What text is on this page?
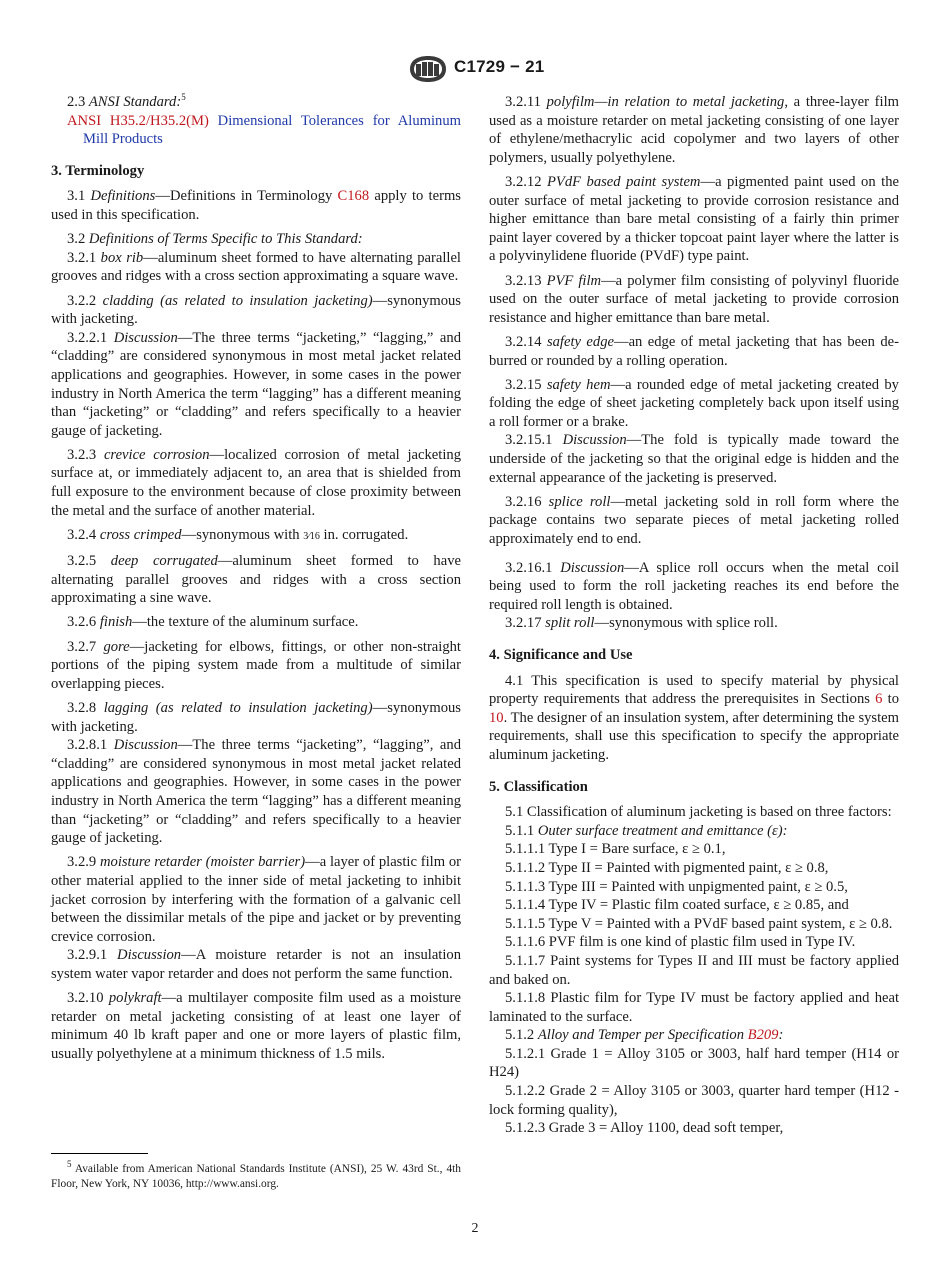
C1729 − 21

2.3 ANSI Standard:$^5$

ANSI H35.2/H35.2(M) Dimensional Tolerances for Aluminum Mill Products

3. Terminology

3.1 Definitions—Definitions in Terminology C168 apply to terms used in this specification.

3.2 Definitions of Terms Specific to This Standard:

3.2.1 box rib—aluminum sheet formed to have alternating parallel grooves and ridges with a cross section approximating a square wave.

3.2.2 cladding (as related to insulation jacketing)—synonymous with jacketing.

3.2.2.1 Discussion—The three terms “jacketing,” “lagging,” and “cladding” are considered synonymous in most metal jacket related applications and geographies. However, in some cases in the power industry in North America the term “lagging” has a different meaning than “jacketing” or “cladding” and refers specifically to a heavier gauge of jacketing.

3.2.3 crevice corrosion—localized corrosion of metal jacketing surface at, or immediately adjacent to, an area that is shielded from full exposure to the environment because of close proximity between the metal and the surface of another material.

3.2.4 cross crimped—synonymous with 3⁄16 in. corrugated.

3.2.5 deep corrugated—aluminum sheet formed to have alternating parallel grooves and ridges with a cross section approximating a sine wave.

3.2.6 finish—the texture of the aluminum surface.

3.2.7 gore—jacketing for elbows, fittings, or other non-straight portions of the piping system made from a multitude of similar overlapping pieces.

3.2.8 lagging (as related to insulation jacketing)—synonymous with jacketing.

3.2.8.1 Discussion—The three terms “jacketing”, “lagging”, and “cladding” are considered synonymous in most metal jacket related applications and geographies. However, in some cases in the power industry in North America the term “lagging” has a different meaning than “jacketing” or “cladding” and refers specifically to a heavier gauge of jacketing.

3.2.9 moisture retarder (moister barrier)—a layer of plastic film or other material applied to the inner side of metal jacketing to inhibit jacket corrosion by interfering with the formation of a galvanic cell between the dissimilar metals of the pipe and jacket or by preventing crevice corrosion.

3.2.9.1 Discussion—A moisture retarder is not an insulation system water vapor retarder and does not perform the same function.

3.2.10 polykraft—a multilayer composite film used as a moisture retarder on metal jacketing consisting of at least one layer of minimum 40 lb kraft paper and one or more layers of plastic film, usually polyethylene at a minimum thickness of 1.5 mils.

$^5$ Available from American National Standards Institute (ANSI), 25 W. 43rd St., 4th Floor, New York, NY 10036, http://www.ansi.org.

3.2.11 polyfilm—in relation to metal jacketing, a three-layer film used as a moisture retarder on metal jacketing consisting of one layer of ethylene/methacrylic acid copolymer and two layers of other polymers, usually polyethylene.

3.2.12 PVdF based paint system—a pigmented paint used on the outer surface of metal jacketing to provide corrosion resistance and higher emittance than bare metal consisting of a fairly thin primer paint layer covered by a thicker topcoat paint layer where the latter is a polyvinylidene fluoride (PVdF) type paint.

3.2.13 PVF film—a polymer film consisting of polyvinyl fluoride used on the outer surface of metal jacketing to provide corrosion resistance and higher emittance than bare metal.

3.2.14 safety edge—an edge of metal jacketing that has been de-burred or rounded by a rolling operation.

3.2.15 safety hem—a rounded edge of metal jacketing created by folding the edge of sheet jacketing completely back upon itself using a roll former or a brake.

3.2.15.1 Discussion—The fold is typically made toward the underside of the jacketing so that the original edge is hidden and the external appearance of the jacketing is preserved.

3.2.16 splice roll—metal jacketing sold in roll form where the package contains two separate pieces of metal jacketing rolled approximately end to end.

3.2.16.1 Discussion—A splice roll occurs when the metal coil being used to form the roll jacketing reaches its end before the required roll length is obtained.

3.2.17 split roll—synonymous with splice roll.

4. Significance and Use

4.1 This specification is used to specify material by physical property requirements that address the prerequisites in Sections 6 to 10. The designer of an insulation system, after determining the system requirements, shall use this specification to specify the appropriate aluminum jacketing.

5. Classification

5.1 Classification of aluminum jacketing is based on three factors:

5.1.1 Outer surface treatment and emittance (ε):

5.1.1.1 Type I = Bare surface, ε ≥ 0.1,

5.1.1.2 Type II = Painted with pigmented paint, ε ≥ 0.8,

5.1.1.3 Type III = Painted with unpigmented paint, ε ≥ 0.5,

5.1.1.4 Type IV = Plastic film coated surface, ε ≥ 0.85, and

5.1.1.5 Type V = Painted with a PVdF based paint system, ε ≥ 0.8.

5.1.1.6 PVF film is one kind of plastic film used in Type IV.

5.1.1.7 Paint systems for Types II and III must be factory applied and baked on.

5.1.1.8 Plastic film for Type IV must be factory applied and heat laminated to the surface.

5.1.2 Alloy and Temper per Specification B209:

5.1.2.1 Grade 1 = Alloy 3105 or 3003, half hard temper (H14 or H24)

5.1.2.2 Grade 2 = Alloy 3105 or 3003, quarter hard temper (H12 - lock forming quality),

5.1.2.3 Grade 3 = Alloy 1100, dead soft temper,

2
